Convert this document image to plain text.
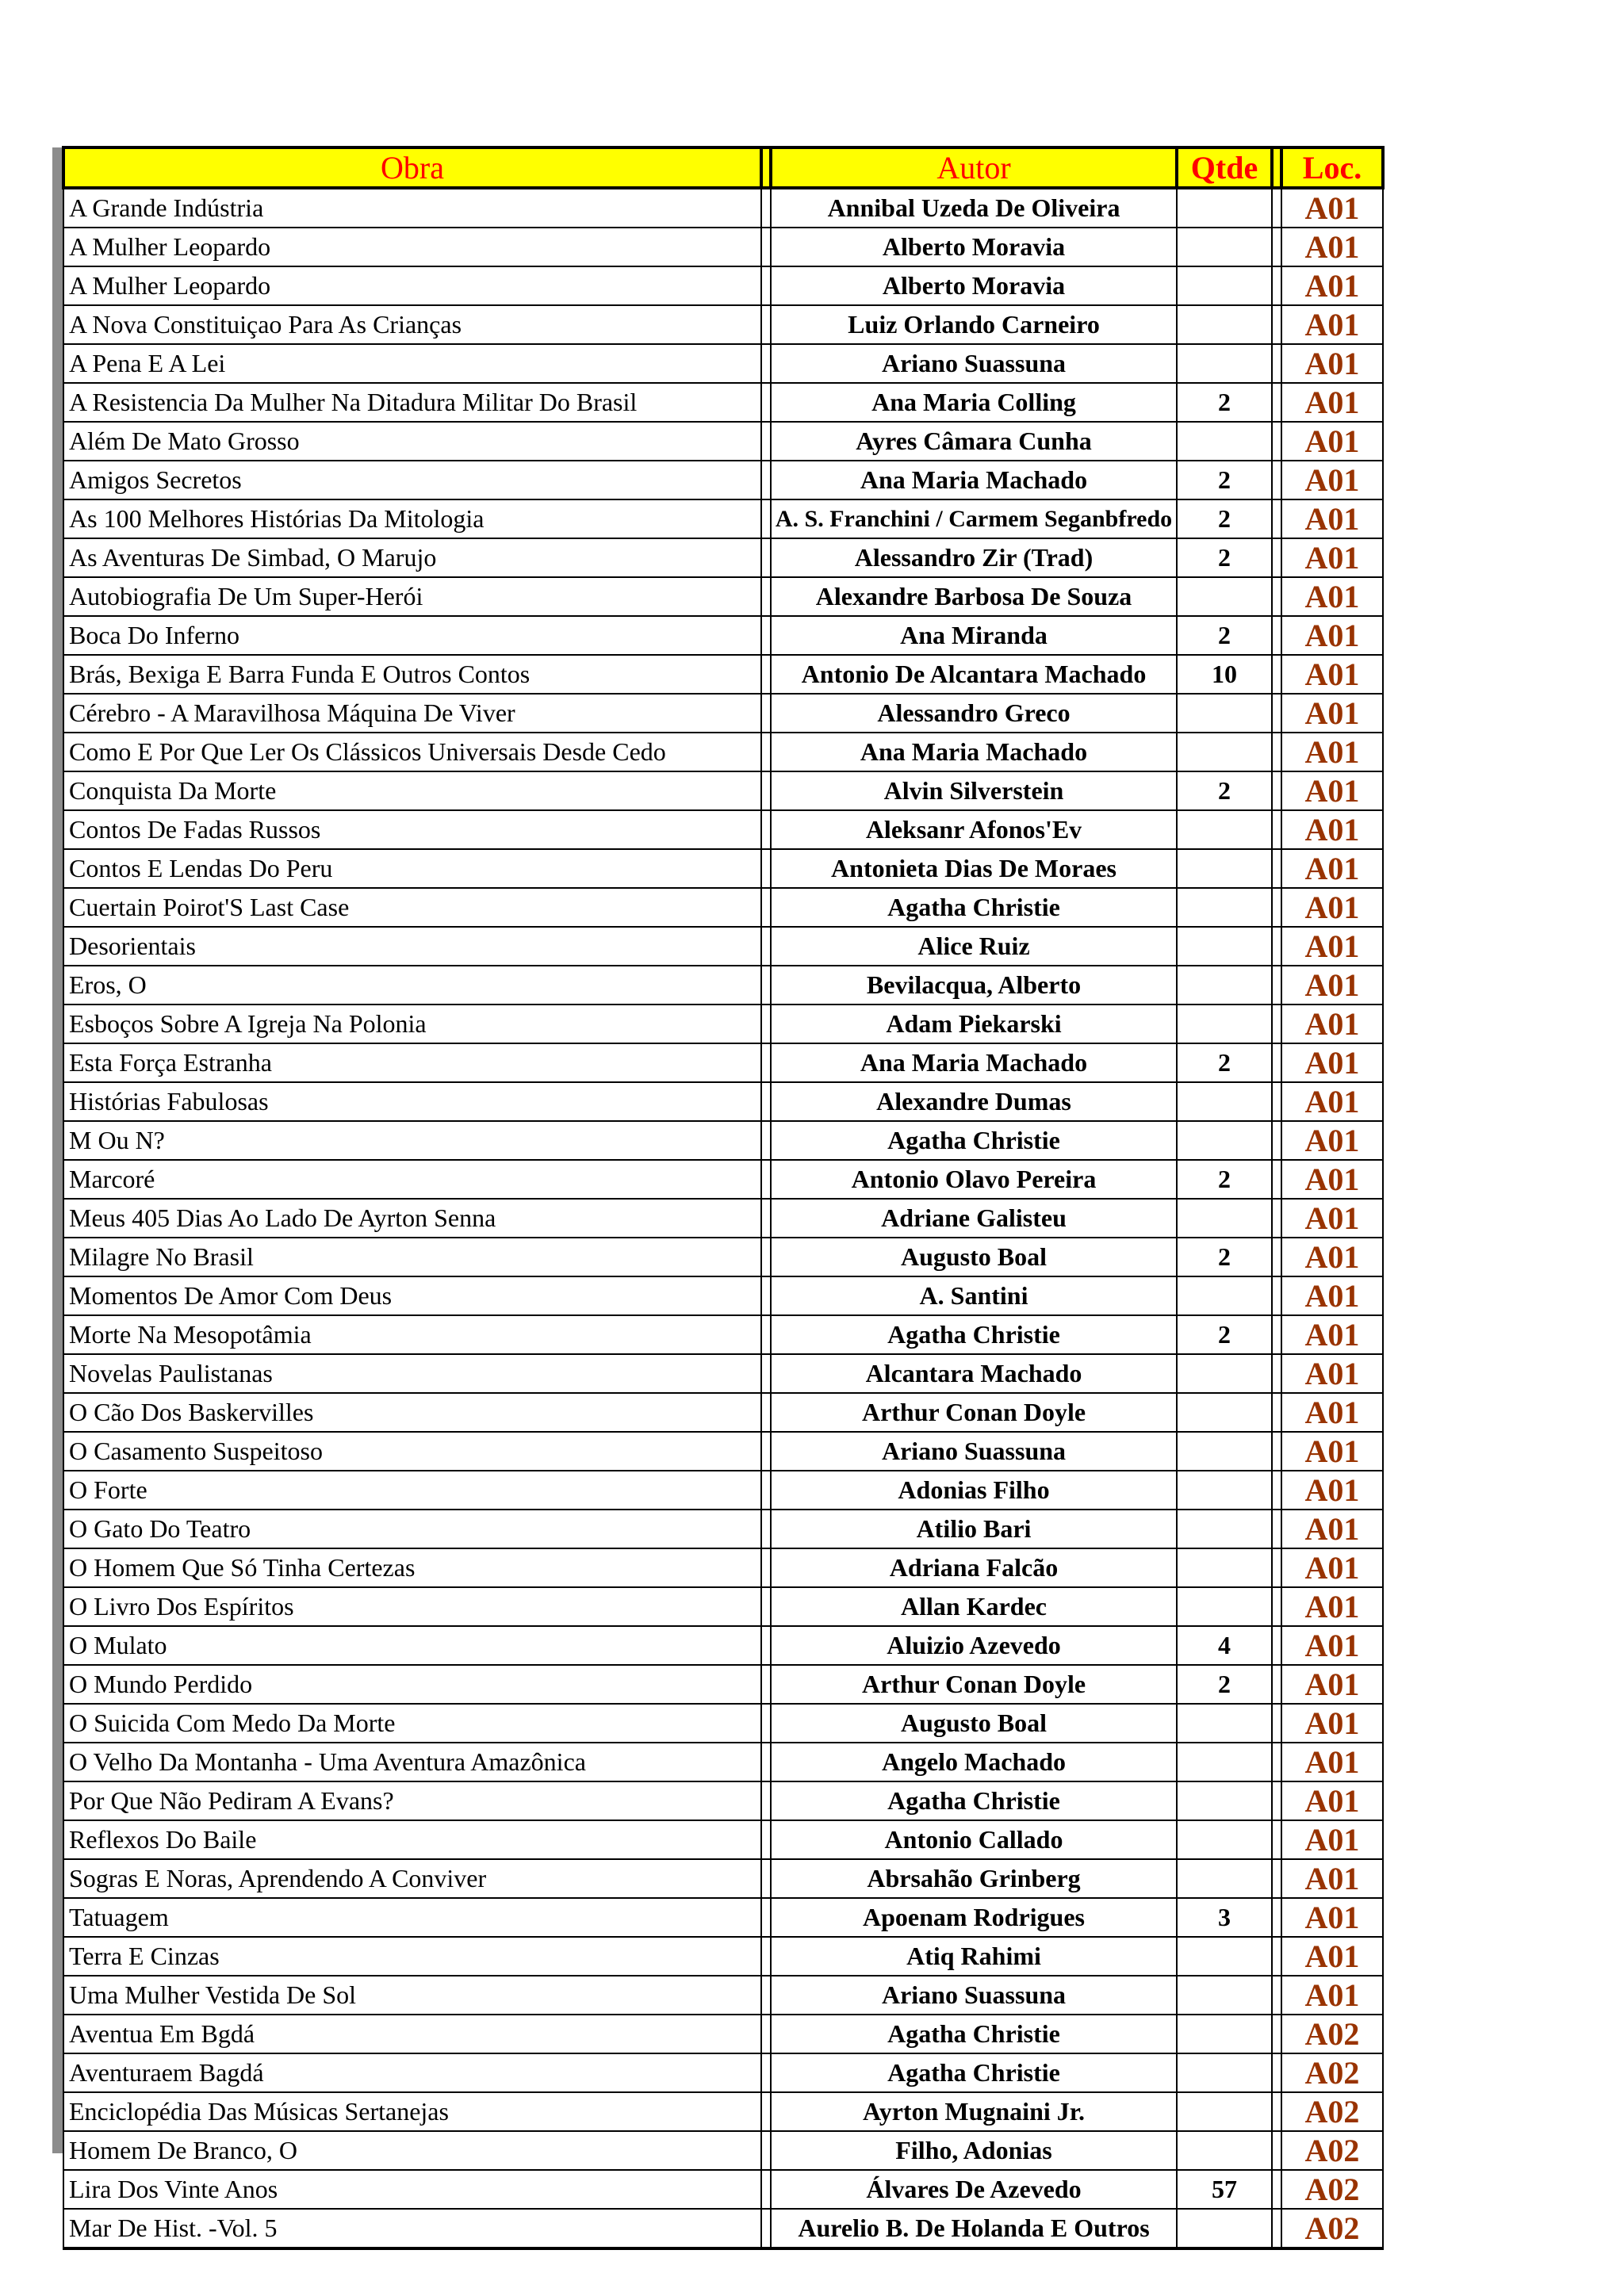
Obra		Autor	Qtde		Loc.
A Grande Indústria		Annibal Uzeda De Oliveira			A01
A Mulher Leopardo		Alberto Moravia			A01
A Mulher Leopardo		Alberto Moravia			A01
A Nova Constituiçao Para As Crianças		Luiz Orlando Carneiro			A01
A Pena E A Lei		Ariano Suassuna			A01
A Resistencia Da Mulher Na Ditadura Militar Do Brasil		Ana Maria Colling	2		A01
Além De Mato Grosso		Ayres Câmara Cunha			A01
Amigos Secretos		Ana Maria Machado	2		A01
As 100 Melhores Histórias Da Mitologia		A. S. Franchini / Carmem Seganbfredo	2		A01
As Aventuras De Simbad, O Marujo		Alessandro Zir (Trad)	2		A01
Autobiografia De Um Super-Herói		Alexandre Barbosa De Souza			A01
Boca Do Inferno		Ana Miranda	2		A01
Brás, Bexiga E Barra Funda E Outros Contos		Antonio De Alcantara Machado	10		A01
Cérebro - A Maravilhosa Máquina De Viver		Alessandro Greco			A01
Como E Por Que Ler Os Clássicos Universais Desde Cedo		Ana Maria Machado			A01
Conquista Da Morte		Alvin Silverstein	2		A01
Contos De Fadas Russos		Aleksanr Afonos'Ev			A01
Contos E Lendas Do Peru		Antonieta Dias De Moraes			A01
Cuertain Poirot'S Last Case		Agatha Christie			A01
Desorientais		Alice Ruiz			A01
Eros, O		Bevilacqua, Alberto			A01
Esboços Sobre A Igreja Na Polonia		Adam Piekarski			A01
Esta Força Estranha		Ana Maria Machado	2		A01
Histórias Fabulosas		Alexandre Dumas			A01
M Ou N?		Agatha Christie			A01
Marcoré		Antonio Olavo Pereira	2		A01
Meus 405 Dias Ao Lado De Ayrton Senna		Adriane Galisteu			A01
Milagre No Brasil		Augusto Boal	2		A01
Momentos De Amor Com Deus		A. Santini			A01
Morte Na Mesopotâmia		Agatha Christie	2		A01
Novelas Paulistanas		Alcantara Machado			A01
O Cão Dos Baskervilles		Arthur Conan Doyle			A01
O Casamento Suspeitoso		Ariano Suassuna			A01
O Forte		Adonias Filho			A01
O Gato Do Teatro		Atilio Bari			A01
O Homem Que Só Tinha Certezas		Adriana Falcão			A01
O Livro Dos Espíritos		Allan Kardec			A01
O Mulato		Aluizio Azevedo	4		A01
O Mundo Perdido		Arthur Conan Doyle	2		A01
O Suicida Com Medo Da Morte		Augusto Boal			A01
O Velho Da Montanha - Uma Aventura Amazônica		Angelo Machado			A01
Por Que Não Pediram A Evans?		Agatha Christie			A01
Reflexos Do Baile		Antonio Callado			A01
Sogras E Noras, Aprendendo A Conviver		Abrsahão Grinberg			A01
Tatuagem		Apoenam Rodrigues	3		A01
Terra E Cinzas		Atiq Rahimi			A01
Uma Mulher Vestida De Sol		Ariano Suassuna			A01
Aventua Em Bgdá		Agatha Christie			A02
Aventuraem Bagdá		Agatha Christie			A02
Enciclopédia Das Músicas Sertanejas		Ayrton Mugnaini Jr.			A02
Homem De Branco, O		Filho, Adonias			A02
Lira Dos Vinte Anos		Álvares De Azevedo	57		A02
Mar De Hist. -Vol. 5		Aurelio B. De Holanda E Outros			A02
